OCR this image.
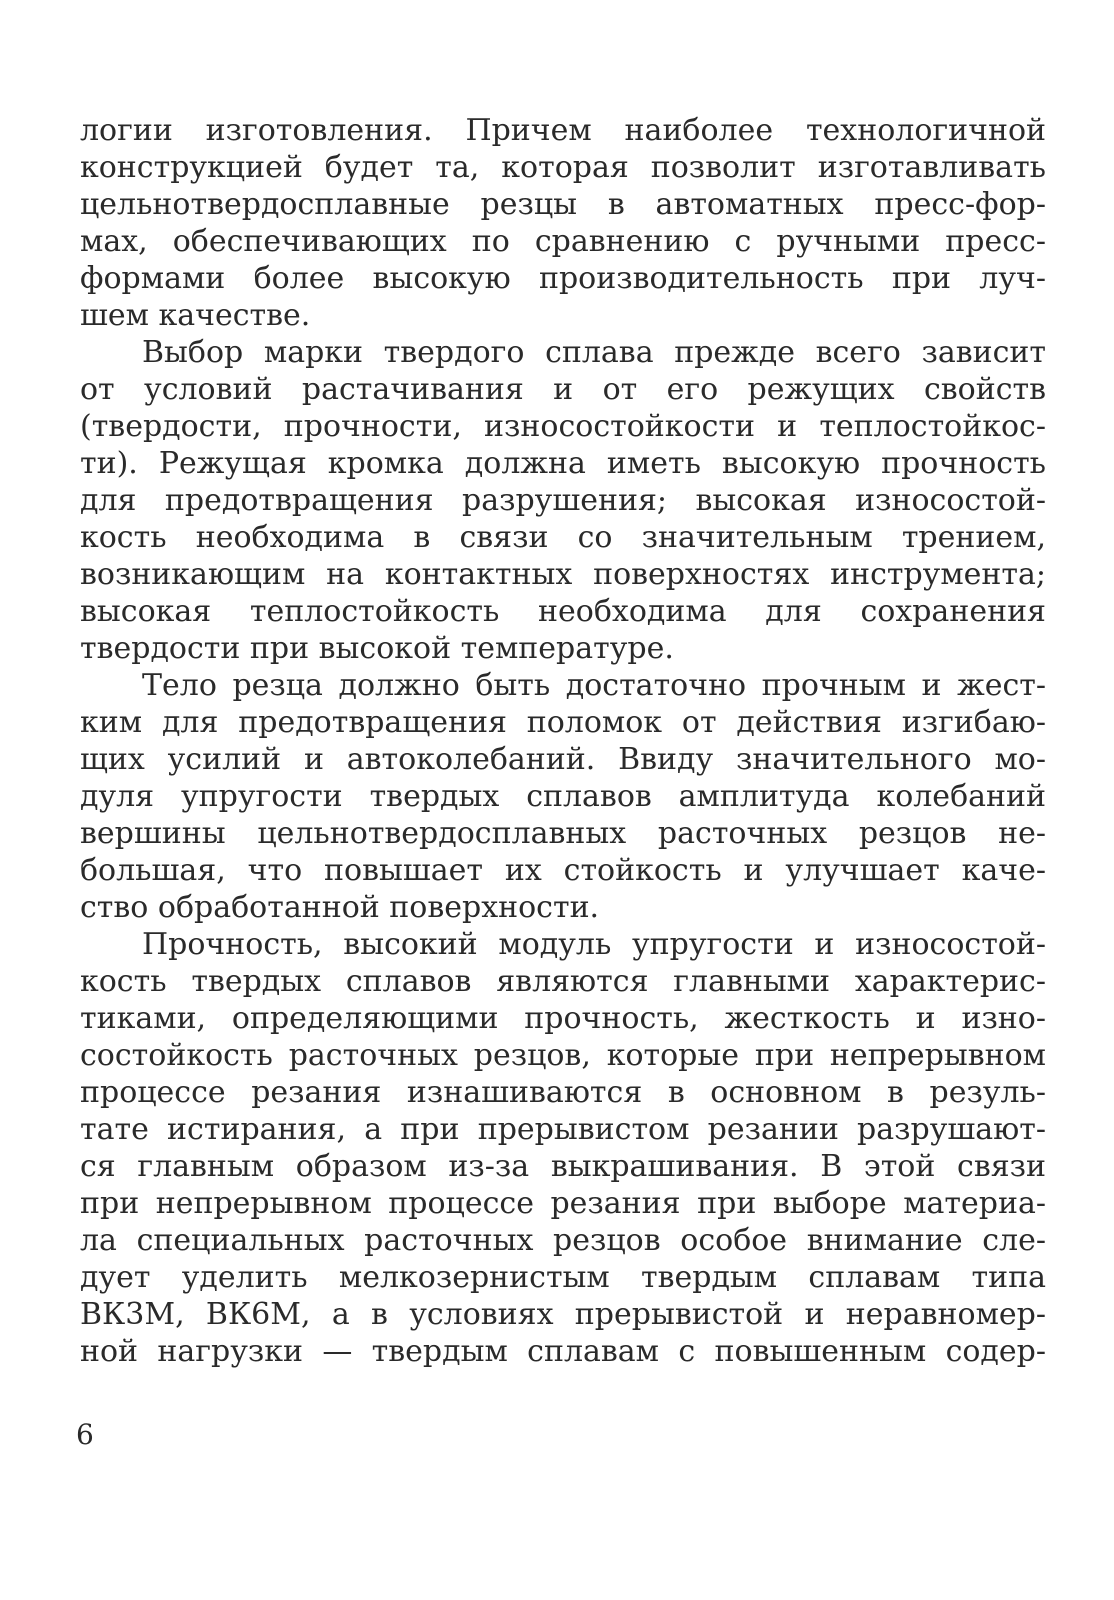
логии изготовления. Причем наиболее технологичной
конструкцией будет та, которая позволит изготавливать
цельнотвердосплавные резцы в автоматных пресс-фор-
мах, обеспечивающих по сравнению с ручными пресс-
формами более высокую производительность при луч-
шем качестве.
Выбор марки твердого сплава прежде всего зависит
от условий растачивания и от его режущих свойств
(твердости, прочности, износостойкости и теплостойкос-
ти). Режущая кромка должна иметь высокую прочность
для предотвращения разрушения; высокая износостой-
кость необходима в связи со значительным трением,
возникающим на контактных поверхностях инструмента;
высокая теплостойкость необходима для сохранения
твердости при высокой температуре.
Тело резца должно быть достаточно прочным и жест-
ким для предотвращения поломок от действия изгибаю-
щих усилий и автоколебаний. Ввиду значительного мо-
дуля упругости твердых сплавов амплитуда колебаний
вершины цельнотвердосплавных расточных резцов не-
большая, что повышает их стойкость и улучшает каче-
ство обработанной поверхности.
Прочность, высокий модуль упругости и износостой-
кость твердых сплавов являются главными характерис-
тиками, определяющими прочность, жесткость и изно-
состойкость расточных резцов, которые при непрерывном
процессе резания изнашиваются в основном в резуль-
тате истирания, а при прерывистом резании разрушают-
ся главным образом из-за выкрашивания. В этой связи
при непрерывном процессе резания при выборе материа-
ла специальных расточных резцов особое внимание сле-
дует уделить мелкозернистым твердым сплавам типа
ВК3М, ВК6М, а в условиях прерывистой и неравномер-
ной нагрузки — твердым сплавам с повышенным содер-
6
